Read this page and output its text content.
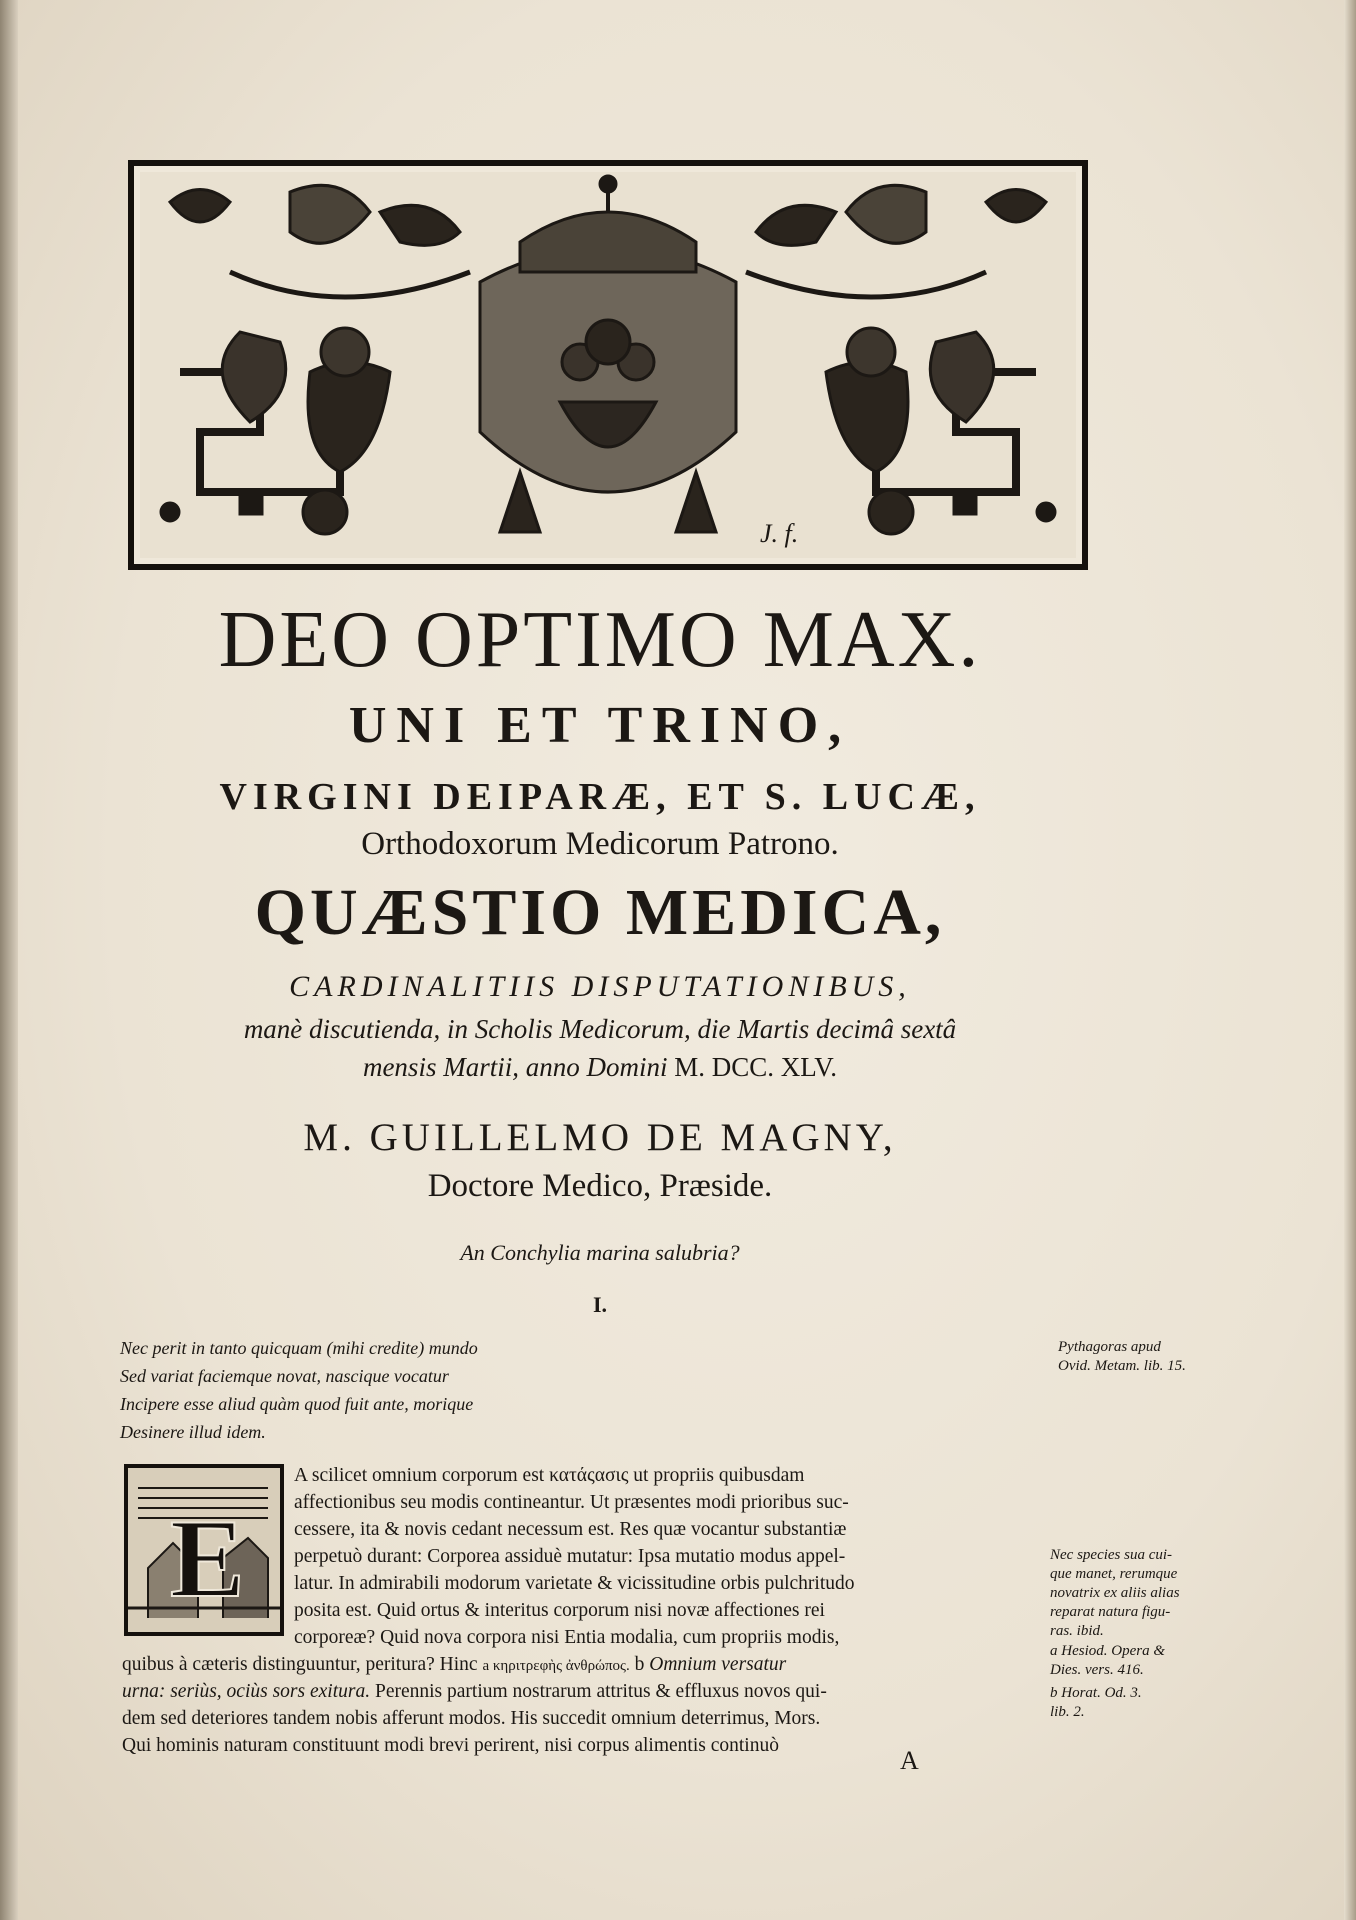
J. f.
DEO OPTIMO MAX.
UNI ET TRINO,
VIRGINI DEIPARÆ, ET S. LUCÆ,
Orthodoxorum Medicorum Patrono.
QUÆSTIO MEDICA,
CARDINALITIIS DISPUTATIONIBUS,
manè discutienda, in Scholis Medicorum, die Martis decimâ sextâ
mensis Martii, anno Domini M. DCC. XLV.
M. GUILLELMO DE MAGNY,
Doctore Medico, Præside.
An Conchylia marina salubria?
I.
Nec perit in tanto quicquam (mihi credite) mundo
Sed variat faciemque novat, nascique vocatur
Incipere esse aliud quàm quod fuit ante, morique
Desinere illud idem.
Pythagoras apud
Ovid. Metam. lib. 15.
Nec species sua cui-
que manet, rerumque
novatrix ex aliis alias
reparat natura figu-
ras. ibid.
a Hesiod. Opera &
Dies. vers. 416.
b Horat. Od. 3.
lib. 2.
E
A scilicet omnium corporum est κατάςασις ut propriis quibusdam
affectionibus seu modis contineantur. Ut præsentes modi prioribus suc-
cessere, ita & novis cedant necessum est. Res quæ vocantur substantiæ
perpetuò durant: Corporea assiduè mutatur: Ipsa mutatio modus appel-
latur. In admirabili modorum varietate & vicissitudine orbis pulchritudo
posita est. Quid ortus & interitus corporum nisi novæ affectiones rei
corporeæ? Quid nova corpora nisi Entia modalia, cum propriis modis,
quibus à cæteris distinguuntur, peritura? Hinc a κηριτρεφὴς ἀνθρώπος. b Omnium versatur
urna: seriùs, ociùs sors exitura. Perennis partium nostrarum attritus & effluxus novos qui-
dem sed deteriores tandem nobis afferunt modos. His succedit omnium deterrimus, Mors.
Qui hominis naturam constituunt modi brevi perirent, nisi corpus alimentis continuò
A
